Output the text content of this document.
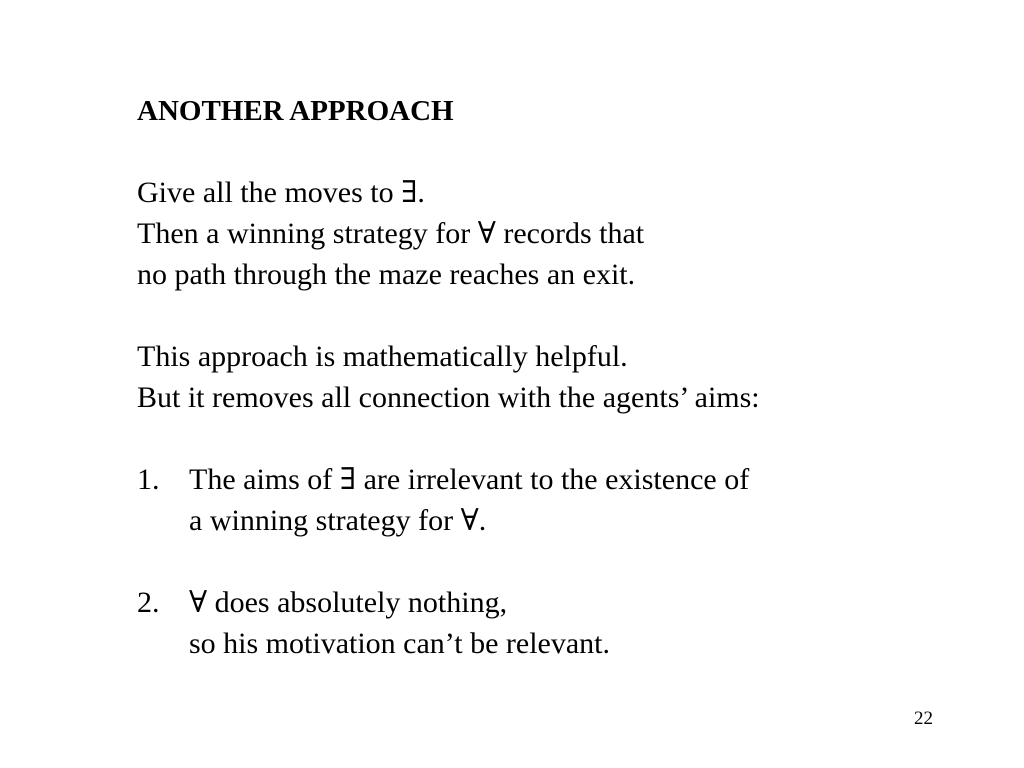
ANOTHER APPROACH
Give all the moves to ∃.
Then a winning strategy for ∀ records that
no path through the maze reaches an exit.
This approach is mathematically helpful.
But it removes all connection with the agents’ aims:
1. The aims of ∃ are irrelevant to the existence of
a winning strategy for ∀.
2. ∀ does absolutely nothing,
so his motivation can’t be relevant.
22
